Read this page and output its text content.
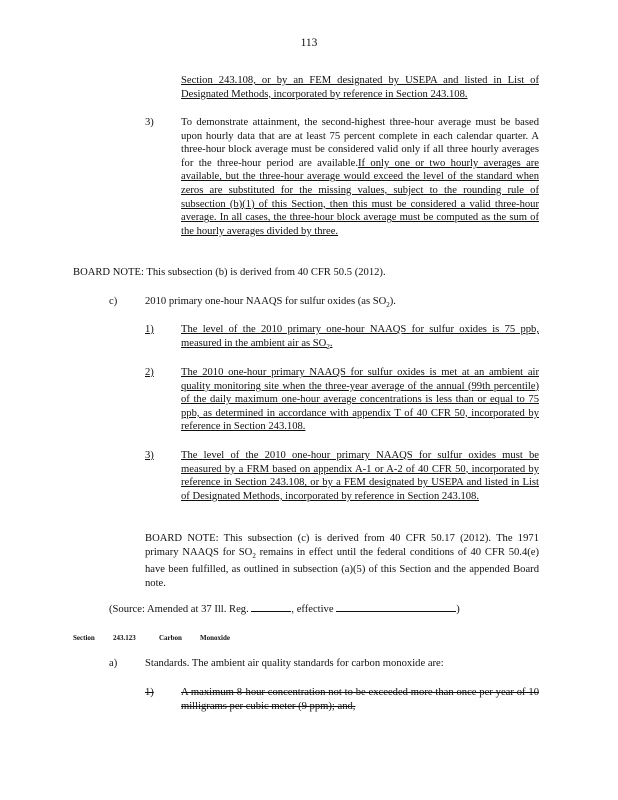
113
Section 243.108, or by an FEM designated by USEPA and listed in List of Designated Methods, incorporated by reference in Section 243.108.
3)	To demonstrate attainment, the second-highest three-hour average must be based upon hourly data that are at least 75 percent complete in each calendar quarter. A three-hour block average must be considered valid only if all three hourly averages for the three-hour period are available.If only one or two hourly averages are available, but the three-hour average would exceed the level of the standard when zeros are substituted for the missing values, subject to the rounding rule of subsection (b)(1) of this Section, then this must be considered a valid three-hour average. In all cases, the three-hour block average must be computed as the sum of the hourly averages divided by three.
BOARD NOTE: This subsection (b) is derived from 40 CFR 50.5 (2012).
c)	2010 primary one-hour NAAQS for sulfur oxides (as $SO_2$).
1)	The level of the 2010 primary one-hour NAAQS for sulfur oxides is 75 ppb, measured in the ambient air as $SO_2$.
2)	The 2010 one-hour primary NAAQS for sulfur oxides is met at an ambient air quality monitoring site when the three-year average of the annual (99th percentile) of the daily maximum one-hour average concentrations is less than or equal to 75 ppb, as determined in accordance with appendix T of 40 CFR 50, incorporated by reference in Section 243.108.
3)	The level of the 2010 one-hour primary NAAQS for sulfur oxides must be measured by a FRM based on appendix A-1 or A-2 of 40 CFR 50, incorporated by reference in Section 243.108, or by a FEM designated by USEPA and listed in List of Designated Methods, incorporated by reference in Section 243.108.
BOARD NOTE: This subsection (c) is derived from 40 CFR 50.17 (2012). The 1971 primary NAAQS for $SO_2$ remains in effect until the federal conditions of 40 CFR 50.4(e) have been fulfilled, as outlined in subsection (a)(5) of this Section and the appended Board note.
(Source: Amended at 37 Ill. Reg.	, effective	)
Section	243.123	Carbon	Monoxide
a)	Standards. The ambient air quality standards for carbon monoxide are:
1)	A maximum 8-hour concentration not to be exceeded more than once per year of 10 milligrams per cubic meter (9 ppm); and,
